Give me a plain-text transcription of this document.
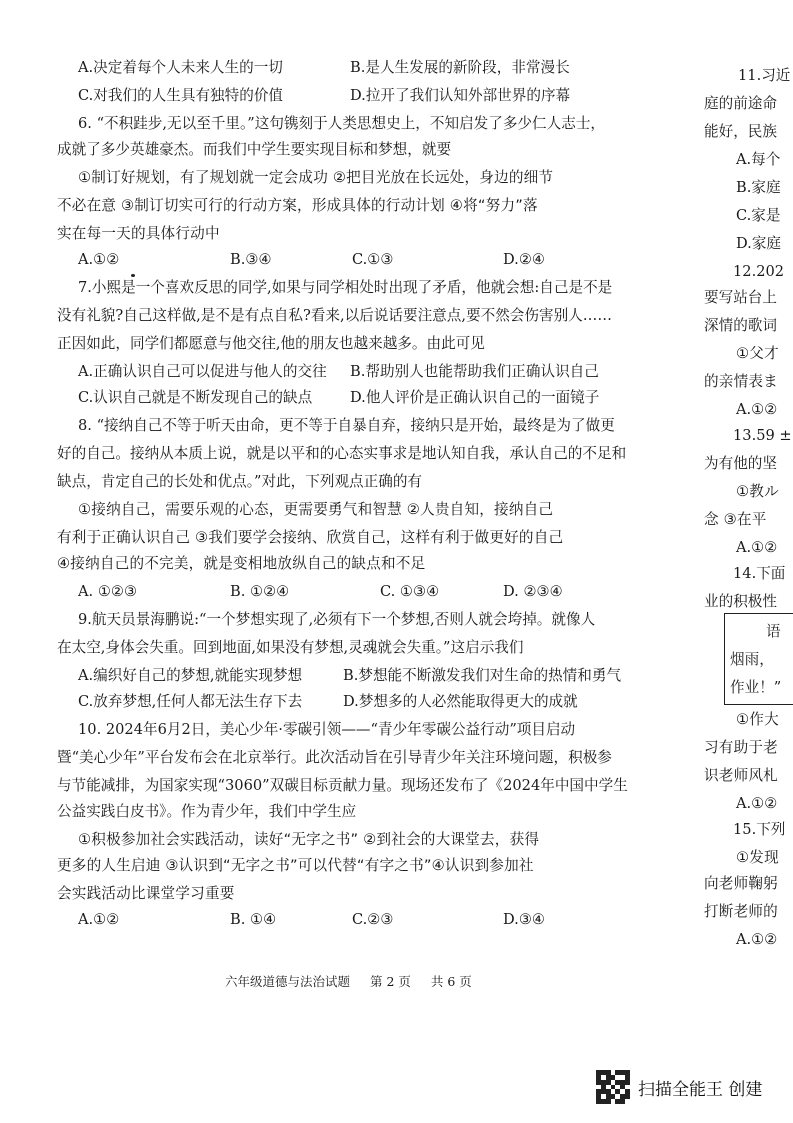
A.决定着每个人未来人生的一切	B.是人生发展的新阶段，非常漫长
C.对我们的人生具有独特的价值	D.拉开了我们认知外部世界的序幕
6. “不积跬步,无以至千里。”这句镌刻于人类思想史上，不知启发了多少仁人志士，
成就了多少英雄豪杰。而我们中学生要实现目标和梦想，就要
①制订好规划，有了规划就一定会成功 ②把目光放在长远处，身边的细节
不必在意 ③制订切实可行的行动方案，形成具体的行动计划 ④将“努力”落
实在每一天的具体行动中
A.①②	B.③④	C.①③	D.②④
7.小熙是一个喜欢反思的同学,如果与同学相处时出现了矛盾，他就会想:自己是不是
没有礼貌?自己这样做,是不是有点自私?看来,以后说话要注意点,要不然会伤害别人……
正因如此，同学们都愿意与他交往,他的朋友也越来越多。由此可见
A.正确认识自己可以促进与他人的交往 B.帮助别人也能帮助我们正确认识自己
C.认识自己就是不断发现自己的缺点	D.他人评价是正确认识自己的一面镜子
8. “接纳自己不等于听天由命，更不等于自暴自弃，接纳只是开始，最终是为了做更
好的自己。接纳从本质上说，就是以平和的心态实事求是地认知自我，承认自己的不足和
缺点，肯定自己的长处和优点。”对此，下列观点正确的有
①接纳自己，需要乐观的心态，更需要勇气和智慧 ②人贵自知，接纳自己
有利于正确认识自己 ③我们要学会接纳、欣赏自己，这样有利于做更好的自己
④接纳自己的不完美，就是变相地放纵自己的缺点和不足
A. ①②③	B. ①②④	C. ①③④	D. ②③④
9.航天员景海鹏说:“一个梦想实现了,必须有下一个梦想,否则人就会垮掉。就像人
在太空,身体会失重。回到地面,如果没有梦想,灵魂就会失重。”这启示我们
A.编织好自己的梦想,就能实现梦想	B.梦想能不断激发我们对生命的热情和勇气
C.放弃梦想,任何人都无法生存下去	D.梦想多的人必然能取得更大的成就
10. 2024年6月2日，美心少年·零碳引领——“青少年零碳公益行动”项目启动
暨“美心少年”平台发布会在北京举行。此次活动旨在引导青少年关注环境问题，积极参
与节能减排，为国家实现“3060”双碳目标贡献力量。现场还发布了《2024年中国中学生
公益实践白皮书》。作为青少年，我们中学生应
①积极参加社会实践活动，读好“无字之书” ②到社会的大课堂去，获得
更多的人生启迪 ③认识到“无字之书”可以代替“有字之书”④认识到参加社
会实践活动比课堂学习重要
A.①②	B. ①④	C.②③	D.③④
11.习近
庭的前途命
能好，民族
A.每个
B.家庭
C.家是
D.家庭
12.202
要写站台上
深情的歌词
①父才
的亲情表ま
A.①②
13.59 ±
为有他的坚
①教ル
念 ③在平
A.①②
14.下面
业的积极性
语
烟雨，
作业！”
①作大
习有助于老
识老师风札
A.①②
15.下列
①发现
向老师鞠躬
打断老师的
A.①②
六年级道德与法治试题 第 2 页 共 6 页
扫描全能王 创建
